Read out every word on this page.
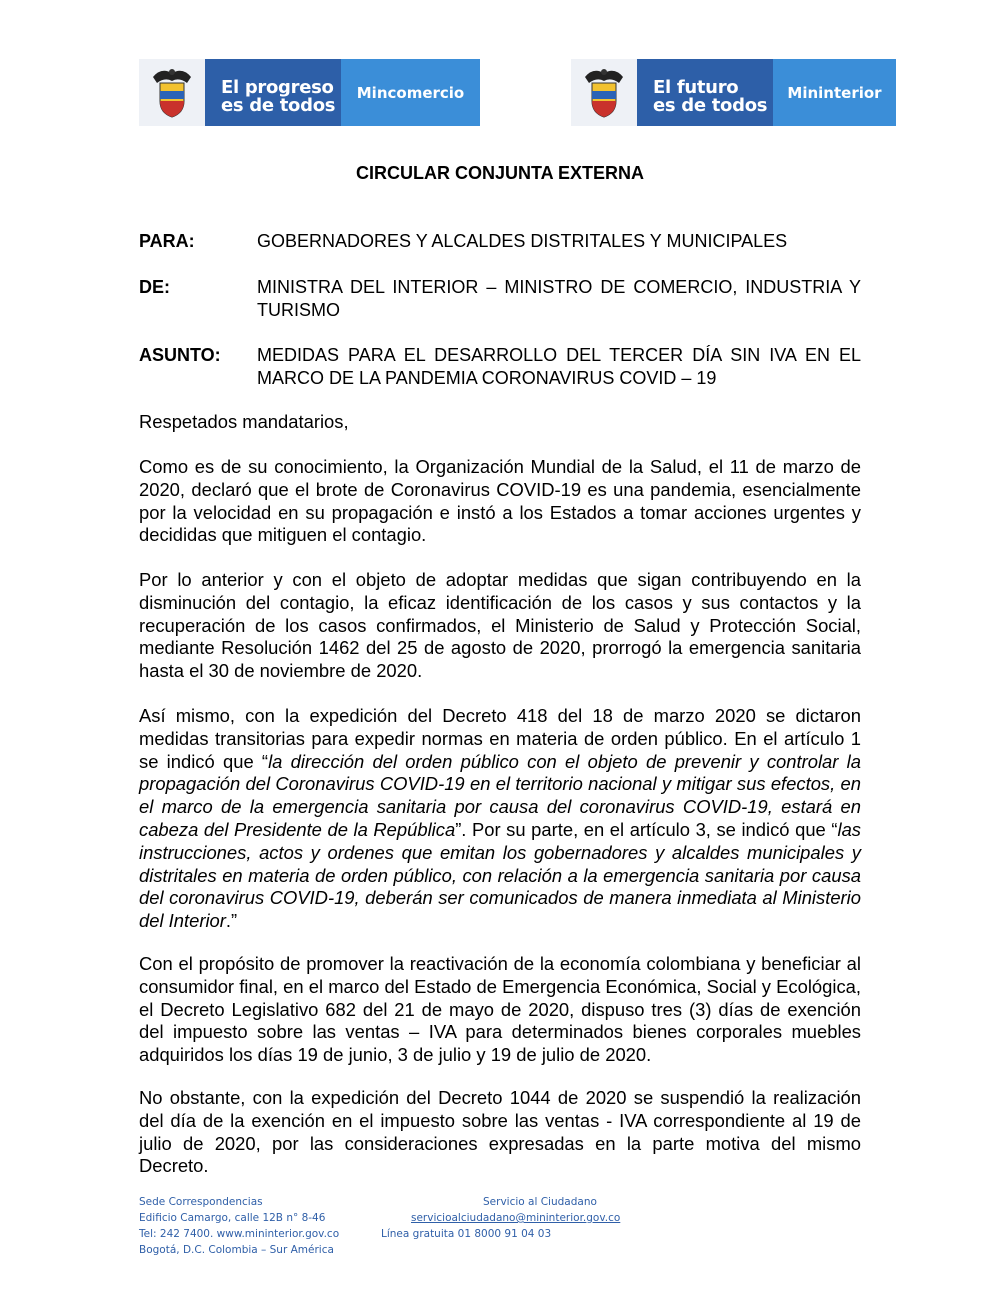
El progreso
es de todos
Mincomercio	El futuro
es de todos
Mininterior
CIRCULAR CONJUNTA EXTERNA
PARA:	GOBERNADORES Y ALCALDES DISTRITALES Y MUNICIPALES
DE:	MINISTRA DEL INTERIOR – MINISTRO DE COMERCIO, INDUSTRIA Y TURISMO
ASUNTO: MEDIDAS PARA EL DESARROLLO DEL TERCER DÍA SIN IVA EN EL MARCO DE LA PANDEMIA CORONAVIRUS COVID – 19
Respetados mandatarios,
Como es de su conocimiento, la Organización Mundial de la Salud, el 11 de marzo de 2020, declaró que el brote de Coronavirus COVID-19 es una pandemia, esencialmente por la velocidad en su propagación e instó a los Estados a tomar acciones urgentes y decididas que mitiguen el contagio.
Por lo anterior y con el objeto de adoptar medidas que sigan contribuyendo en la disminución del contagio, la eficaz identificación de los casos y sus contactos y la recuperación de los casos confirmados, el Ministerio de Salud y Protección Social, mediante Resolución 1462 del 25 de agosto de 2020, prorrogó la emergencia sanitaria hasta el 30 de noviembre de 2020.
Así mismo, con la expedición del Decreto 418 del 18 de marzo 2020 se dictaron medidas transitorias para expedir normas en materia de orden público. En el artículo 1 se indicó que “la dirección del orden público con el objeto de prevenir y controlar la propagación del Coronavirus COVID-19 en el territorio nacional y mitigar sus efectos, en el marco de la emergencia sanitaria por causa del coronavirus COVID-19, estará en cabeza del Presidente de la República”. Por su parte, en el artículo 3, se indicó que “las instrucciones, actos y ordenes que emitan los gobernadores y alcaldes municipales y distritales en materia de orden público, con relación a la emergencia sanitaria por causa del coronavirus COVID-19, deberán ser comunicados de manera inmediata al Ministerio del Interior.”
Con el propósito de promover la reactivación de la economía colombiana y beneficiar al consumidor final, en el marco del Estado de Emergencia Económica, Social y Ecológica, el Decreto Legislativo 682 del 21 de mayo de 2020, dispuso tres (3) días de exención del impuesto sobre las ventas – IVA para determinados bienes corporales muebles adquiridos los días 19 de junio, 3 de julio y 19 de julio de 2020.
No obstante, con la expedición del Decreto 1044 de 2020 se suspendió la realización del día de la exención en el impuesto sobre las ventas - IVA correspondiente al 19 de julio de 2020, por las consideraciones expresadas en la parte motiva del mismo Decreto.
Sede Correspondencias
Edificio Camargo, calle 12B n° 8-46
Tel: 242 7400. www.mininterior.gov.co
Bogotá, D.C. Colombia – Sur América
Servicio al Ciudadano
servicioalciudadano@mininterior.gov.co
Línea gratuita 01 8000 91 04 03
